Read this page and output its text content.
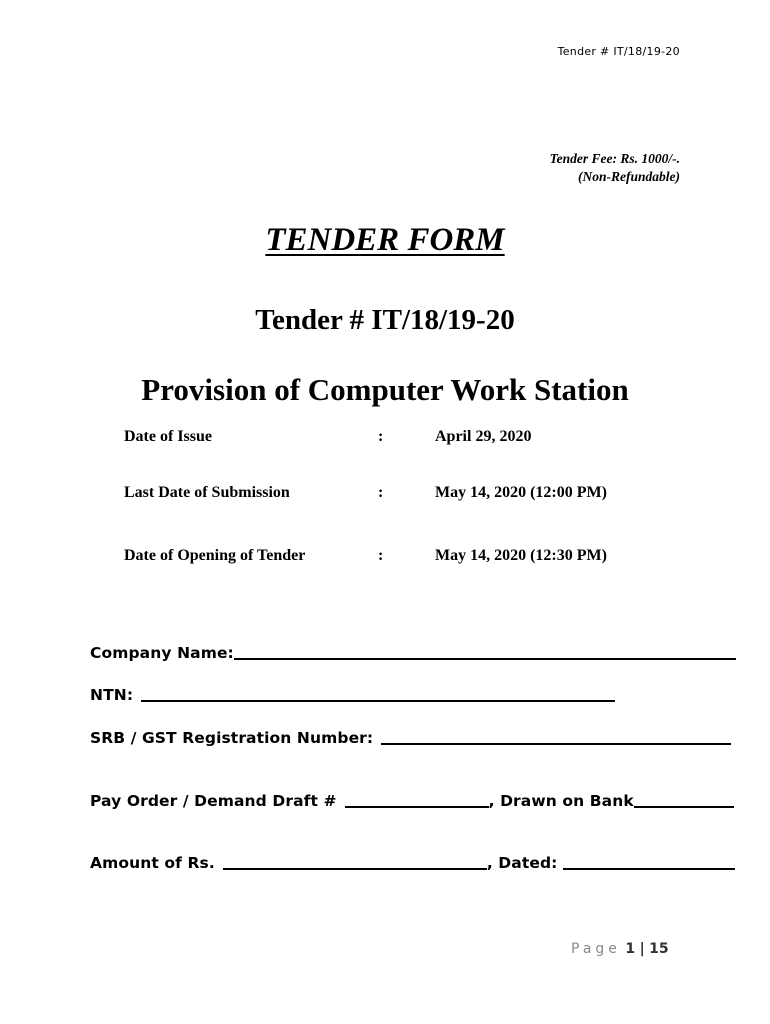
Tender # IT/18/19-20
Tender Fee: Rs. 1000/-.
(Non-Refundable)
TENDER FORM
Tender # IT/18/19-20
Provision of Computer Work Station
Date of Issue	:	April 29, 2020
Last Date of Submission	:	May 14, 2020 (12:00 PM)
Date of Opening of Tender	:	May 14, 2020 (12:30 PM)
Company Name:
NTN:
SRB / GST Registration Number:
Pay Order / Demand Draft #	, Drawn on Bank
Amount of Rs.	, Dated:
Page 1 | 15
